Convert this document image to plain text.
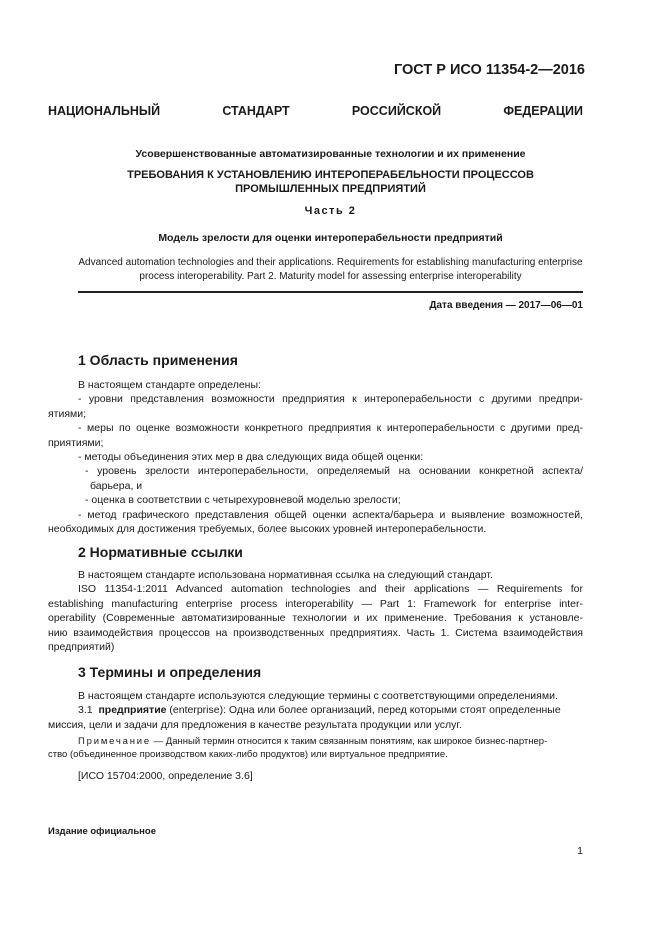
ГОСТ Р ИСО 11354-2—2016
НАЦИОНАЛЬНЫЙ СТАНДАРТ РОССИЙСКОЙ ФЕДЕРАЦИИ
Усовершенствованные автоматизированные технологии и их применение
ТРЕБОВАНИЯ К УСТАНОВЛЕНИЮ ИНТЕРОПЕРАБЕЛЬНОСТИ ПРОЦЕССОВ
ПРОМЫШЛЕННЫХ ПРЕДПРИЯТИЙ
Часть 2
Модель зрелости для оценки интероперабельности предприятий
Advanced automation technologies and their applications. Requirements for establishing manufacturing enterprise
process interoperability. Part 2. Maturity model for assessing enterprise interoperability
Дата введения — 2017—06—01
1 Область применения
В настоящем стандарте определены:
- уровни представления возможности предприятия к интероперабельности с другими предпри-
ятиями;
- меры по оценке возможности конкретного предприятия к интероперабельности с другими пред-
приятиями;
- методы объединения этих мер в два следующих вида общей оценки:
- уровень зрелости интероперабельности, определяемый на основании конкретной аспекта/
барьера, и
- оценка в соответствии с четырехуровневой моделью зрелости;
- метод графического представления общей оценки аспекта/барьера и выявление возможностей,
необходимых для достижения требуемых, более высоких уровней интероперабельности.
2 Нормативные ссылки
В настоящем стандарте использована нормативная ссылка на следующий стандарт.
ISO 11354-1:2011 Advanced automation technologies and their applications — Requirements for
establishing manufacturing enterprise process interoperability — Part 1: Framework for enterprise inter-
operability (Современные автоматизированные технологии и их применение. Требования к установле-
нию взаимодействия процессов на производственных предприятиях. Часть 1. Система взаимодействия
предприятий)
3 Термины и определения
В настоящем стандарте используются следующие термины с соответствующими определениями.
3.1 предприятие (enterprise): Одна или более организаций, перед которыми стоят определенные
миссия, цели и задачи для предложения в качестве результата продукции или услуг.
Примечание — Данный термин относится к таким связанным понятиям, как широкое бизнес-партнер-
ство (объединенное производством каких-либо продуктов) или виртуальное предприятие.
[ИСО 15704:2000, определение 3.6]
Издание официальное
1
